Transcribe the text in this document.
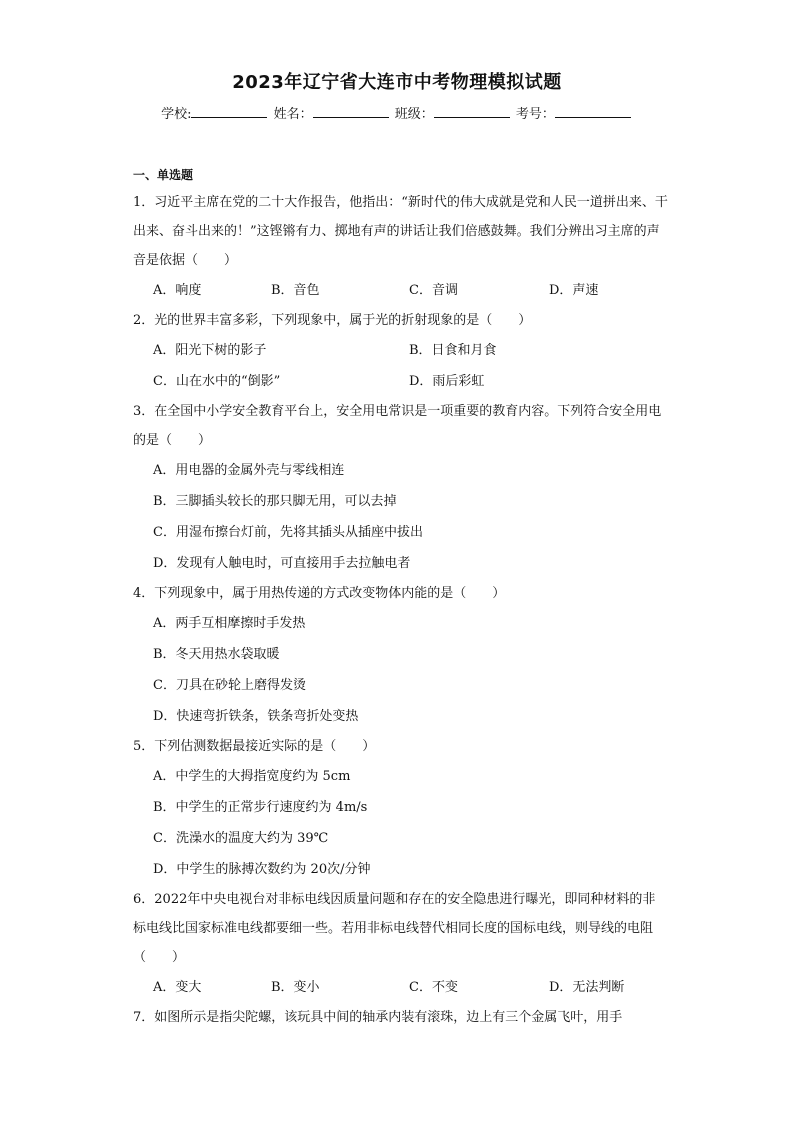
2023年辽宁省大连市中考物理模拟试题
学校:	姓名：	班级：	考号：
一、单选题

1．习近平主席在党的二十大作报告，他指出：“新时代的伟大成就是党和人民一道拼出来、干出来、奋斗出来的！”这铿锵有力、掷地有声的讲话让我们倍感鼓舞。我们分辨出习主席的声音是依据（　　）

A．响度	B．音色	C．音调	D．声速

2．光的世界丰富多彩，下列现象中，属于光的折射现象的是（　　）

A．阳光下树的影子	B．日食和月食
C．山在水中的“倒影”	D．雨后彩虹

3．在全国中小学安全教育平台上，安全用电常识是一项重要的教育内容。下列符合安全用电的是（　　）

A．用电器的金属外壳与零线相连
B．三脚插头较长的那只脚无用，可以去掉
C．用湿布擦台灯前，先将其插头从插座中拔出
D．发现有人触电时，可直接用手去拉触电者

4．下列现象中，属于用热传递的方式改变物体内能的是（　　）

A．两手互相摩擦时手发热
B．冬天用热水袋取暖
C．刀具在砂轮上磨得发烫
D．快速弯折铁条，铁条弯折处变热

5．下列估测数据最接近实际的是（　　）

A．中学生的大拇指宽度约为 5cm
B．中学生的正常步行速度约为 4m/s
C．洗澡水的温度大约为 39℃
D．中学生的脉搏次数约为 20次/分钟

6．2022年中央电视台对非标电线因质量问题和存在的安全隐患进行曝光，即同种材料的非标电线比国家标准电线都要细一些。若用非标电线替代相同长度的国标电线，则导线的电阻（　　）

A．变大	B．变小	C．不变	D．无法判断

7．如图所示是指尖陀螺，该玩具中间的轴承内装有滚珠，边上有三个金属飞叶，用手
